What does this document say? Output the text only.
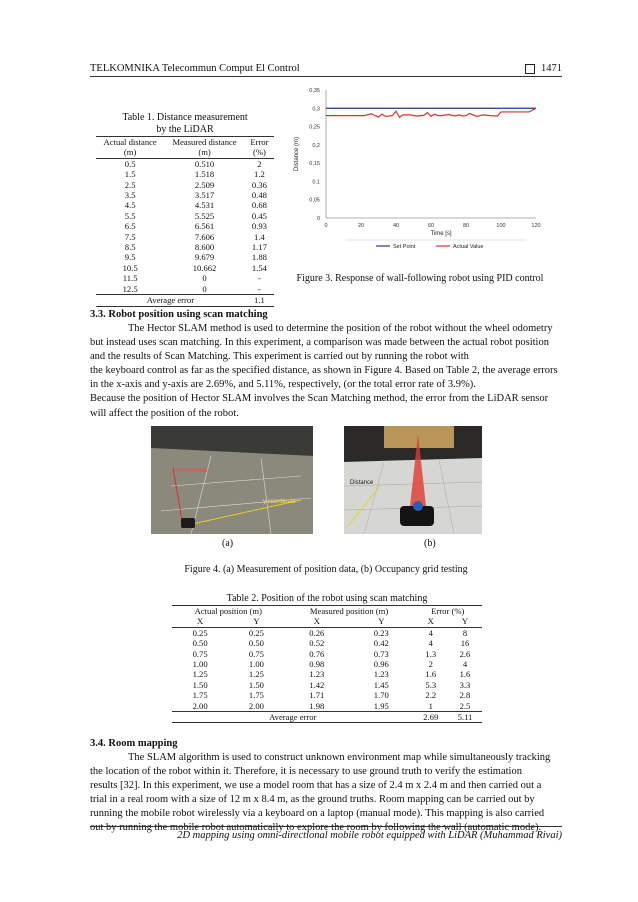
TELKOMNIKA Telecommun Comput El Control	1471
Table 1. Distance measurement
by the LiDAR
Actual distance	Measured distance	Error
(m)	(m)	(%)
0.5	0.510	2
1.5	1.518	1.2
2.5	2.509	0.36
3.5	3.517	0.48
4.5	4.531	0.68
5.5	5.525	0.45
6.5	6.561	0.93
7.5	7.606	1.4
8.5	8.600	1.17
9.5	9.679	1.88
10.5	10.662	1.54
11.5	0	-
12.5	0	-
Average error		1.1
0
0,05
0,1
0,15
0,2
0,25
0,3
0,35
0	20	40	60	80	100	120
Time [s]
Distance (m)
Set Point	Actual Value
Figure 3. Response of wall-following robot using PID control
3.3. Robot position using scan matching
The Hector SLAM method is used to determine the position of the robot without the wheel odometry
but instead uses scan matching. In this experiment, a comparison was made between the actual robot position
and the results of Scan Matching. This experiment is carried out by running the robot with
the keyboard control as far as the specified distance, as shown in Figure 4. Based on Table 2, the average errors
in the x-axis and y-axis are 2.69%, and 5.11%, respectively, (or the total error rate of 3.9%).
Because the position of Hector SLAM involves the Scan Matching method, the error from the LiDAR sensor
will affect the position of the robot.
x coordinate
y coordinate
Distance
(a)	(b)
Figure 4. (a) Measurement of position data, (b) Occupancy grid testing
Table 2. Position of the robot using scan matching
Actual position (m)		Measured position (m)		Error (%)	
X	Y	X	Y	X	Y
0.25	0.25	0.26	0.23	4	8
0.50	0.50	0.52	0.42	4	16
0.75	0.75	0.76	0.73	1.3	2.6
1.00	1.00	0.98	0.96	2	4
1.25	1.25	1.23	1.23	1.6	1.6
1.50	1.50	1.42	1.45	5.3	3.3
1.75	1.75	1.71	1.70	2.2	2.8
2.00	2.00	1.98	1.95	1	2.5
Average error				2.69	5.11
3.4. Room mapping
The SLAM algorithm is used to construct unknown environment map while simultaneously tracking
the location of the robot within it. Therefore, it is necessary to use ground truth to verify the estimation
results [32]. In this experiment, we use a model room that has a size of 2.4 m x 2.4 m and then carried out a
trial in a real room with a size of 12 m x 8.4 m, as the ground truths. Room mapping can be carried out by
running the mobile robot wirelessly via a keyboard on a laptop (manual mode). This mapping is also carried
out by running the mobile robot automatically to explore the room by following the wall (automatic mode).
2D mapping using omni-directional mobile robot equipped with LiDAR (Muhammad Rivai)
